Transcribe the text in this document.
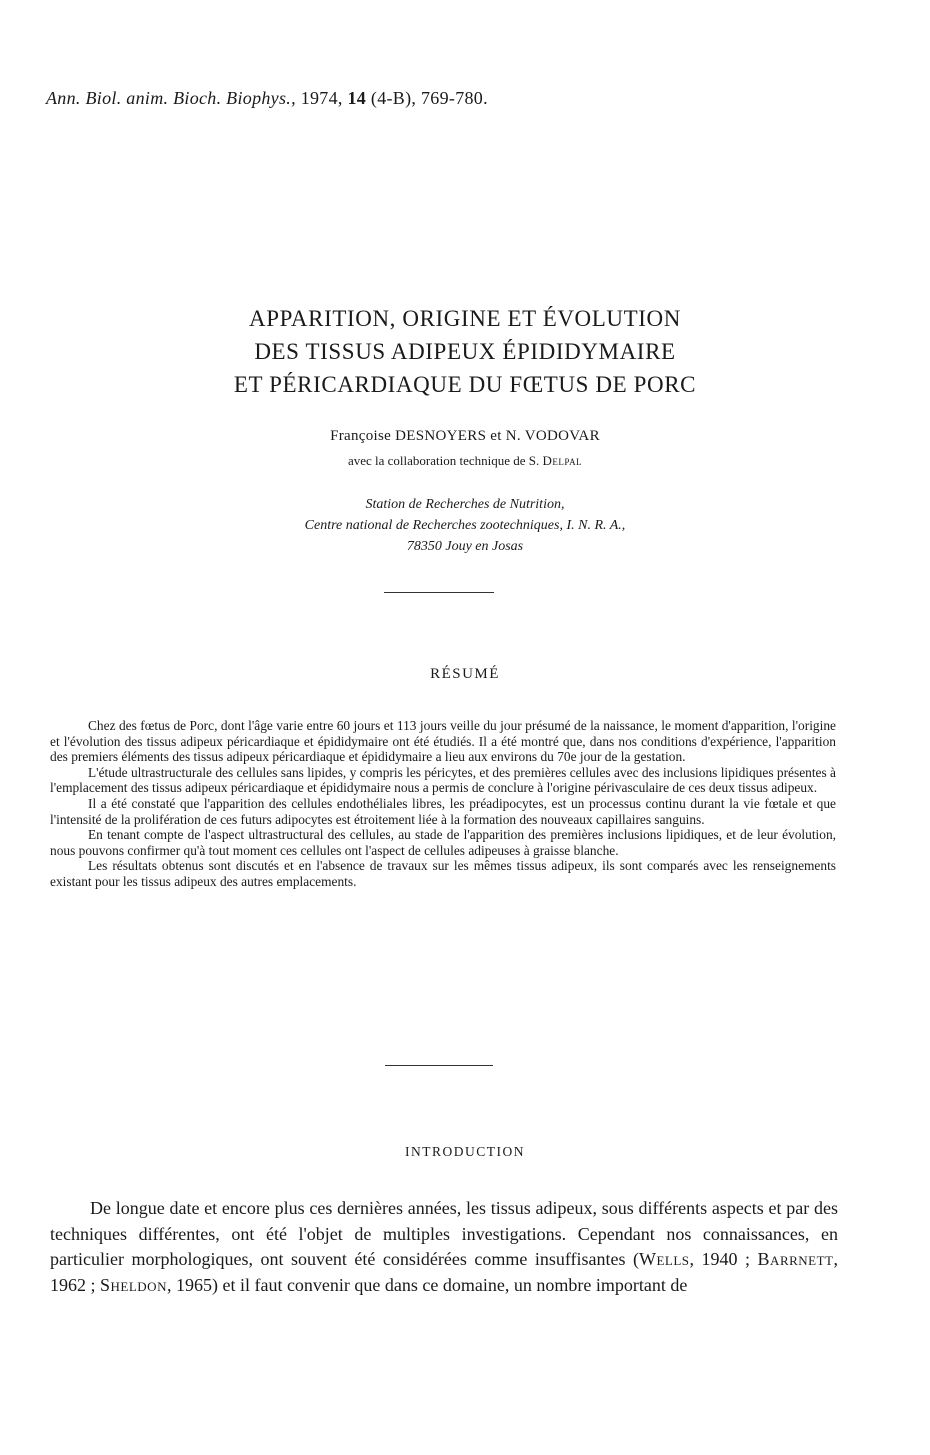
Ann. Biol. anim. Bioch. Biophys., 1974, 14 (4-B), 769-780.
APPARITION, ORIGINE ET ÉVOLUTION
DES TISSUS ADIPEUX ÉPIDIDYMAIRE
ET PÉRICARDIAQUE DU FŒTUS DE PORC
Françoise DESNOYERS et N. VODOVAR
avec la collaboration technique de S. Delpal
Station de Recherches de Nutrition,
Centre national de Recherches zootechniques, I. N. R. A.,
78350 Jouy en Josas
RÉSUMÉ

Chez des fœtus de Porc, dont l'âge varie entre 60 jours et 113 jours veille du jour présumé de la naissance, le moment d'apparition, l'origine et l'évolution des tissus adipeux péricardiaque et épididymaire ont été étudiés. Il a été montré que, dans nos conditions d'expérience, l'apparition des premiers éléments des tissus adipeux péricardiaque et épididymaire a lieu aux environs du 70e jour de la gestation.

L'étude ultrastructurale des cellules sans lipides, y compris les péricytes, et des premières cellules avec des inclusions lipidiques présentes à l'emplacement des tissus adipeux péricardiaque et épididymaire nous a permis de conclure à l'origine périvasculaire de ces deux tissus adipeux.

Il a été constaté que l'apparition des cellules endothéliales libres, les préadipocytes, est un processus continu durant la vie fœtale et que l'intensité de la prolifération de ces futurs adipocytes est étroitement liée à la formation des nouveaux capillaires sanguins.

En tenant compte de l'aspect ultrastructural des cellules, au stade de l'apparition des premières inclusions lipidiques, et de leur évolution, nous pouvons confirmer qu'à tout moment ces cellules ont l'aspect de cellules adipeuses à graisse blanche.

Les résultats obtenus sont discutés et en l'absence de travaux sur les mêmes tissus adipeux, ils sont comparés avec les renseignements existant pour les tissus adipeux des autres emplacements.

INTRODUCTION

De longue date et encore plus ces dernières années, les tissus adipeux, sous différents aspects et par des techniques différentes, ont été l'objet de multiples investigations. Cependant nos connaissances, en particulier morphologiques, ont souvent été considérées comme insuffisantes (Wells, 1940 ; Barrnett, 1962 ; Sheldon, 1965) et il faut convenir que dans ce domaine, un nombre important de
